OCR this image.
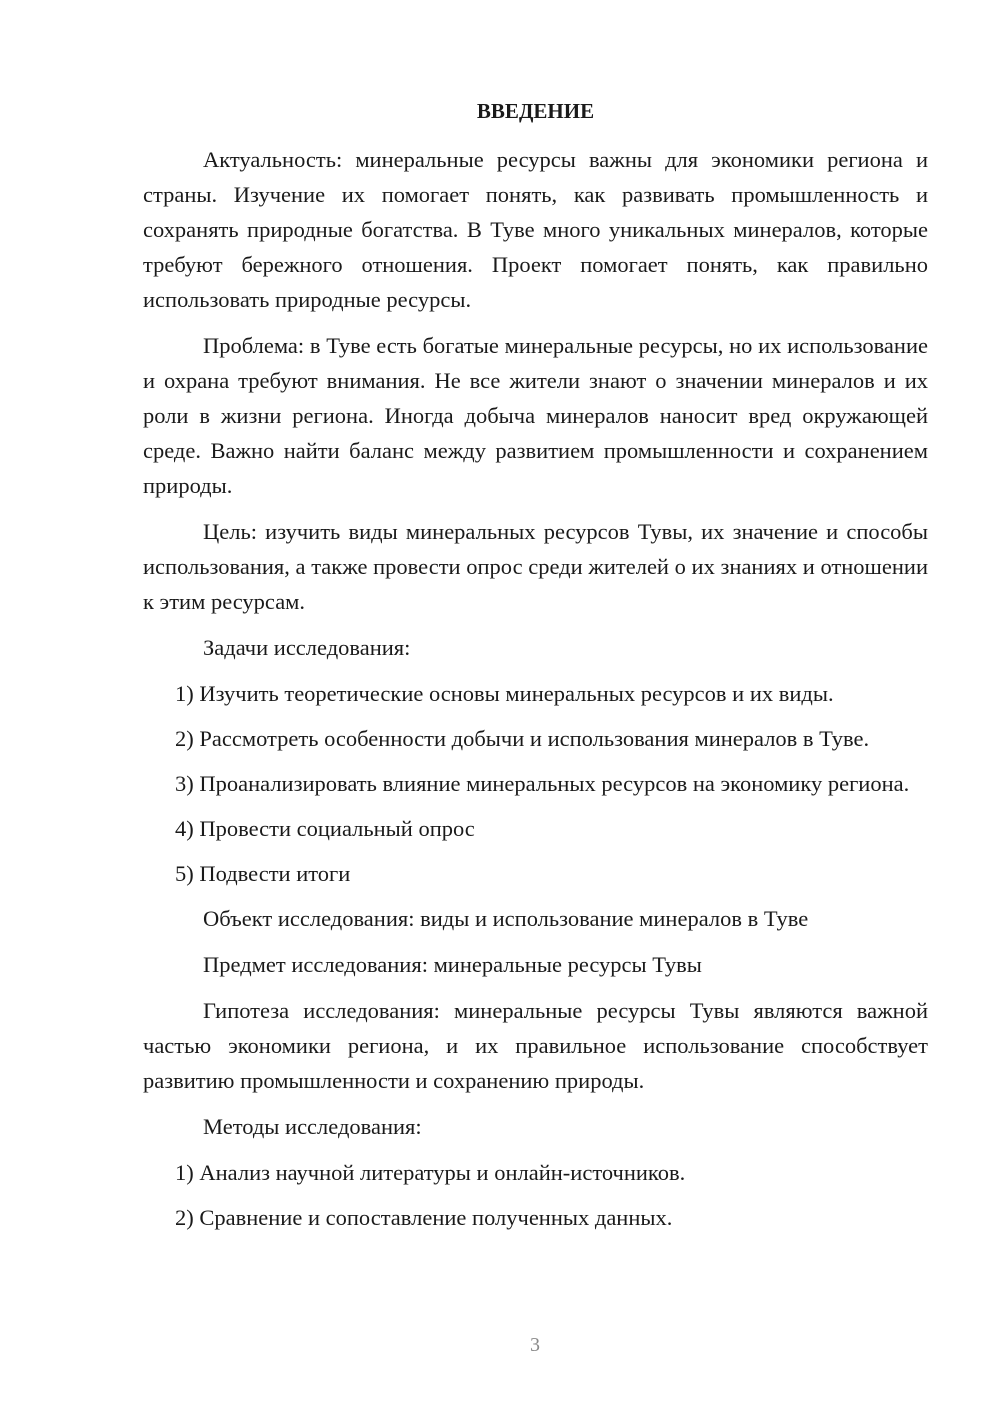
ВВЕДЕНИЕ

Актуальность: минеральные ресурсы важны для экономики региона и страны. Изучение их помогает понять, как развивать промышленность и сохранять природные богатства. В Туве много уникальных минералов, которые требуют бережного отношения. Проект помогает понять, как правильно использовать природные ресурсы.

Проблема: в Туве есть богатые минеральные ресурсы, но их использование и охрана требуют внимания. Не все жители знают о значении минералов и их роли в жизни региона. Иногда добыча минералов наносит вред окружающей среде. Важно найти баланс между развитием промышленности и сохранением природы.

Цель: изучить виды минеральных ресурсов Тувы, их значение и способы использования, а также провести опрос среди жителей о их знаниях и отношении к этим ресурсам.

Задачи исследования:

1) Изучить теоретические основы минеральных ресурсов и их виды.

2) Рассмотреть особенности добычи и использования минералов в Туве.

3) Проанализировать влияние минеральных ресурсов на экономику региона.

4) Провести социальный опрос

5) Подвести итоги

Объект исследования: виды и использование минералов в Туве

Предмет исследования: минеральные ресурсы Тувы

Гипотеза исследования: минеральные ресурсы Тувы являются важной частью экономики региона, и их правильное использование способствует развитию промышленности и сохранению природы.

Методы исследования:

1) Анализ научной литературы и онлайн-источников.

2) Сравнение и сопоставление полученных данных.

3
